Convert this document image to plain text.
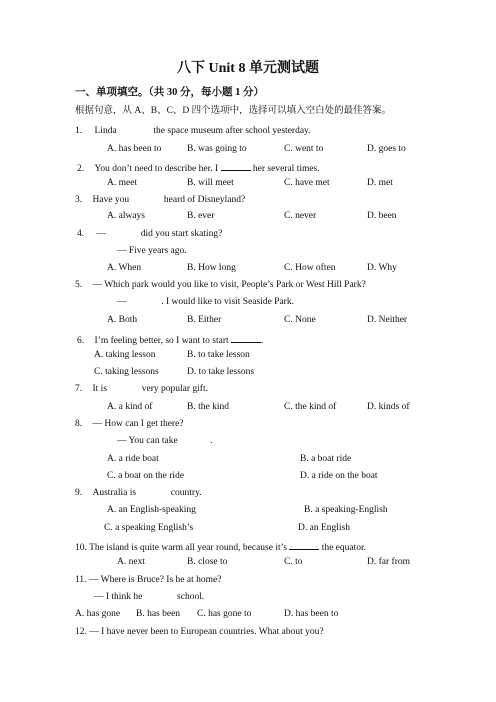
八下 Unit 8 单元测试题
一、单项填空。（共 30 分，每小题 1 分）
根据句意，从 A、B、C、D 四个选项中，选择可以填入空白处的最佳答案。
1. Linda	the space museum after school yesterday.
A. has been to	B. was going to	C. went to	D. goes to
2. You don’t need to describe her. I	her several times.
A. meet	B. will meet	C. have met	D. met
3. Have you	heard of Disneyland?
A. always	B. ever	C. never	D. been
4. —	did you start skating?
— Five years ago.
A. When	B. How long	C. How often	D. Why
5. — Which park would you like to visit, People’s Park or West Hill Park?
—	. I would like to visit Seaside Park.
A. Both	B. Either	C. None	D. Neither
6. I’m feeling better, so I want to start	.
A. taking lesson	B. to take lesson
C. taking lessons	D. to take lessons
7. It is	very popular gift.
A. a kind of	B. the kind	C. the kind of	D. kinds of
8. — How can I get there?
— You can take	.
A. a ride boat	B. a boat ride
C. a boat on the ride	D. a ride on the boat
9. Australia is	country.
A. an English-speaking	B. a speaking-English
C. a speaking English’s	D. an English
10. The island is quite warm all year round, because it’s	the equator.
A. next	B. close to	C. to	D. far from
11. — Where is Bruce? Is he at home?
— I think he	school.
A. has gone B. has been C. has gone to	D. has been to
12. — I have never been to European countries. What about you?
